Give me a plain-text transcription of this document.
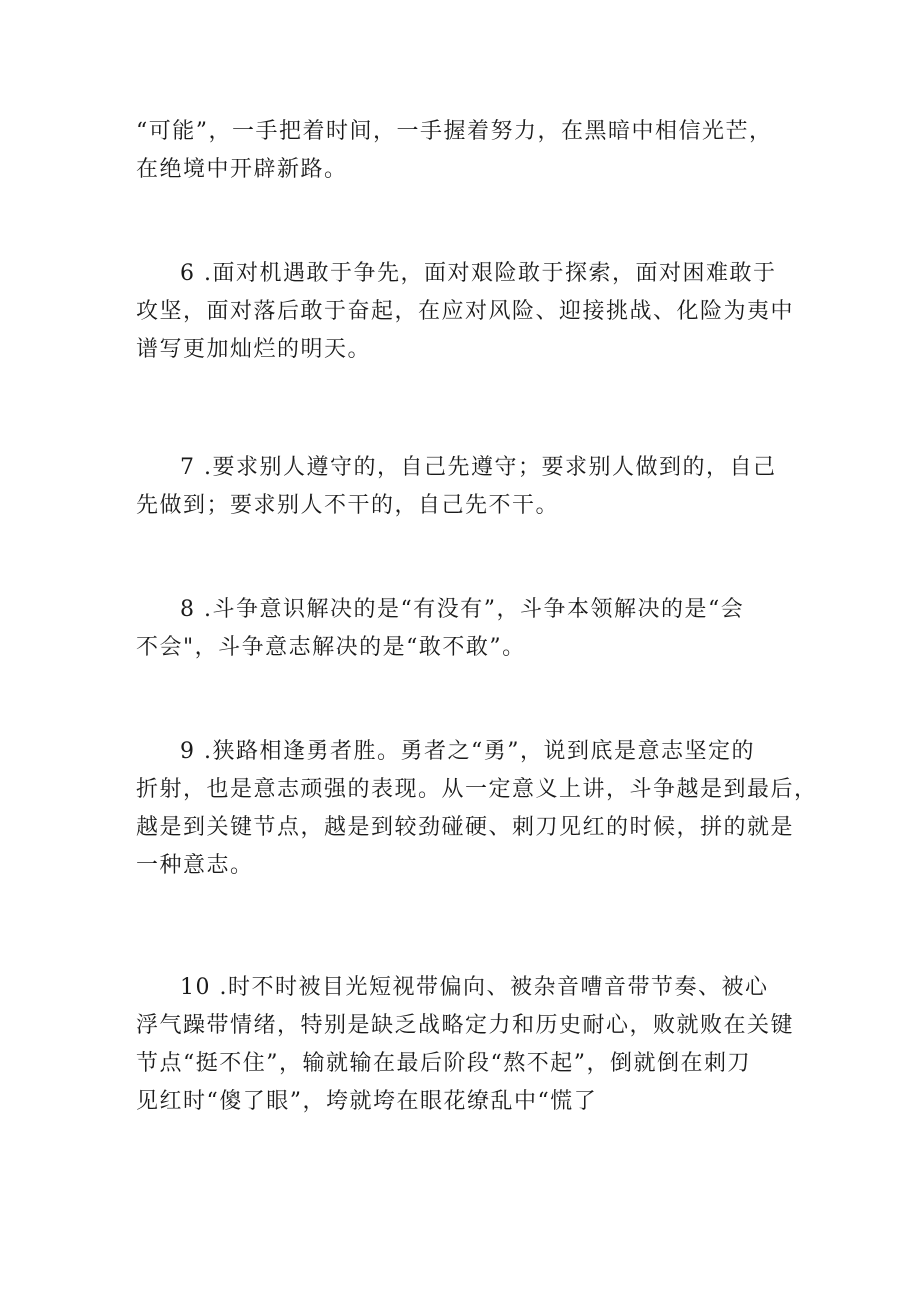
“可能”，一手把着时间，一手握着努力，在黑暗中相信光芒，
在绝境中开辟新路。
6 .面对机遇敢于争先，面对艰险敢于探索，面对困难敢于
攻坚，面对落后敢于奋起，在应对风险、迎接挑战、化险为夷中
谱写更加灿烂的明天。
7 .要求别人遵守的，自己先遵守；要求别人做到的，自己
先做到；要求别人不干的，自己先不干。
8 .斗争意识解决的是“有没有”，斗争本领解决的是“会
不会"，斗争意志解决的是“敢不敢”。
9 .狭路相逢勇者胜。勇者之“勇”，说到底是意志坚定的
折射，也是意志顽强的表现。从一定意义上讲，斗争越是到最后，
越是到关键节点，越是到较劲碰硬、刺刀见红的时候，拼的就是
一种意志。
10 .时不时被目光短视带偏向、被杂音嘈音带节奏、被心
浮气躁带情绪，特别是缺乏战略定力和历史耐心，败就败在关键
节点“挺不住”，输就输在最后阶段“熬不起”，倒就倒在刺刀
见红时“傻了眼”，垮就垮在眼花缭乱中“慌了
